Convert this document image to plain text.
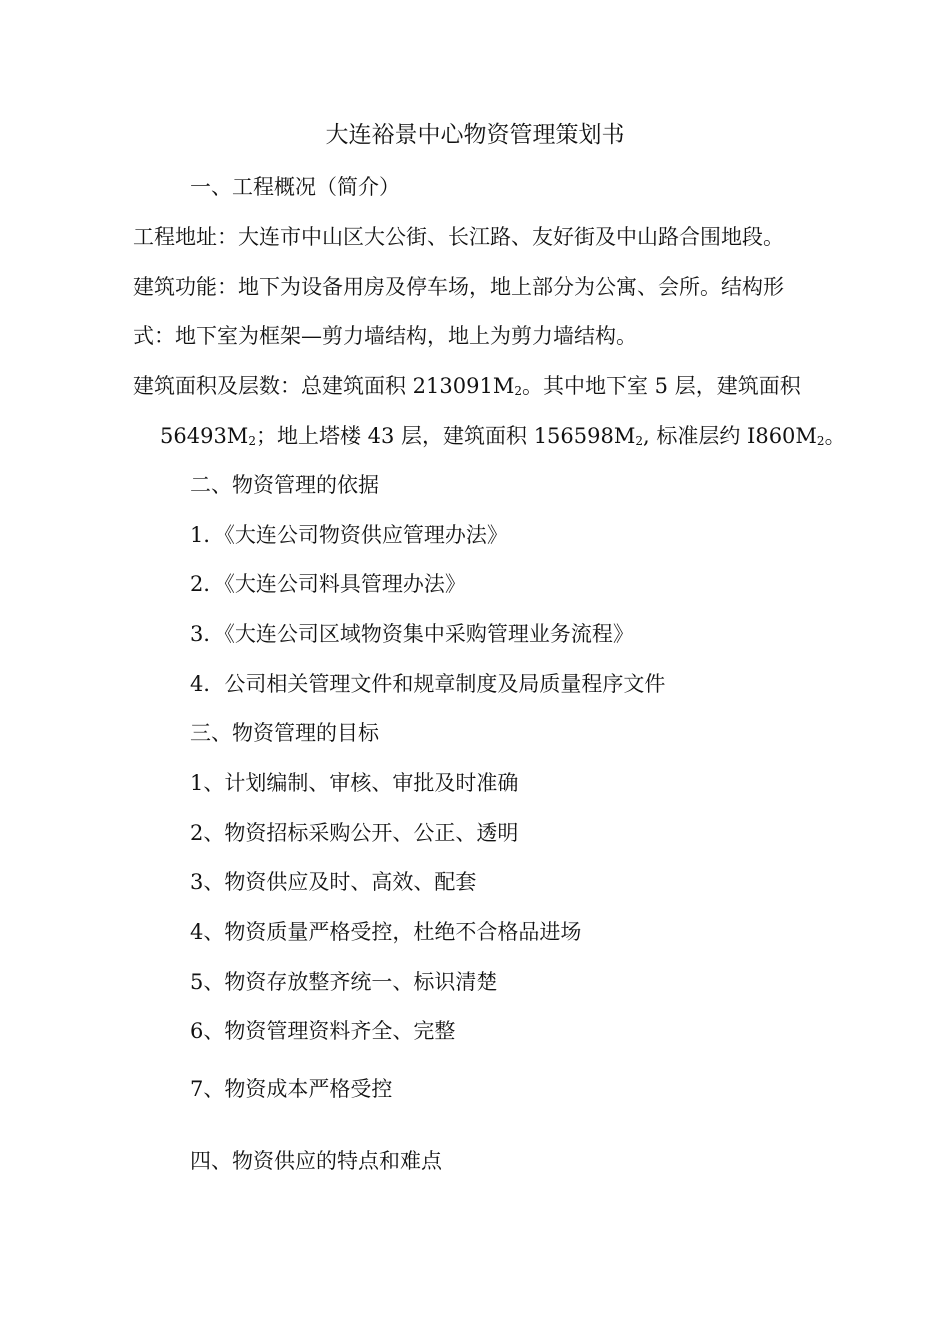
大连裕景中心物资管理策划书
一、工程概况（简介）
工程地址：大连市中山区大公街、长江路、友好街及中山路合围地段。
建筑功能：地下为设备用房及停车场，地上部分为公寓、会所。结构形
式：地下室为框架—剪力墙结构，地上为剪力墙结构。
建筑面积及层数：总建筑面积 $213091M_2$。其中地下室 5 层，建筑面积
$56493M_2$；地上塔楼 43 层，建筑面积 $156598M_2$, 标准层约 $I860M_2$。
二、物资管理的依据
1．《大连公司物资供应管理办法》
2．《大连公司料具管理办法》
3．《大连公司区域物资集中采购管理业务流程》
4．公司相关管理文件和规章制度及局质量程序文件
三、物资管理的目标
1、计划编制、审核、审批及时准确
2、物资招标采购公开、公正、透明
3、物资供应及时、高效、配套
4、物资质量严格受控，杜绝不合格品进场
5、物资存放整齐统一、标识清楚
6、物资管理资料齐全、完整
7、物资成本严格受控
四、物资供应的特点和难点
